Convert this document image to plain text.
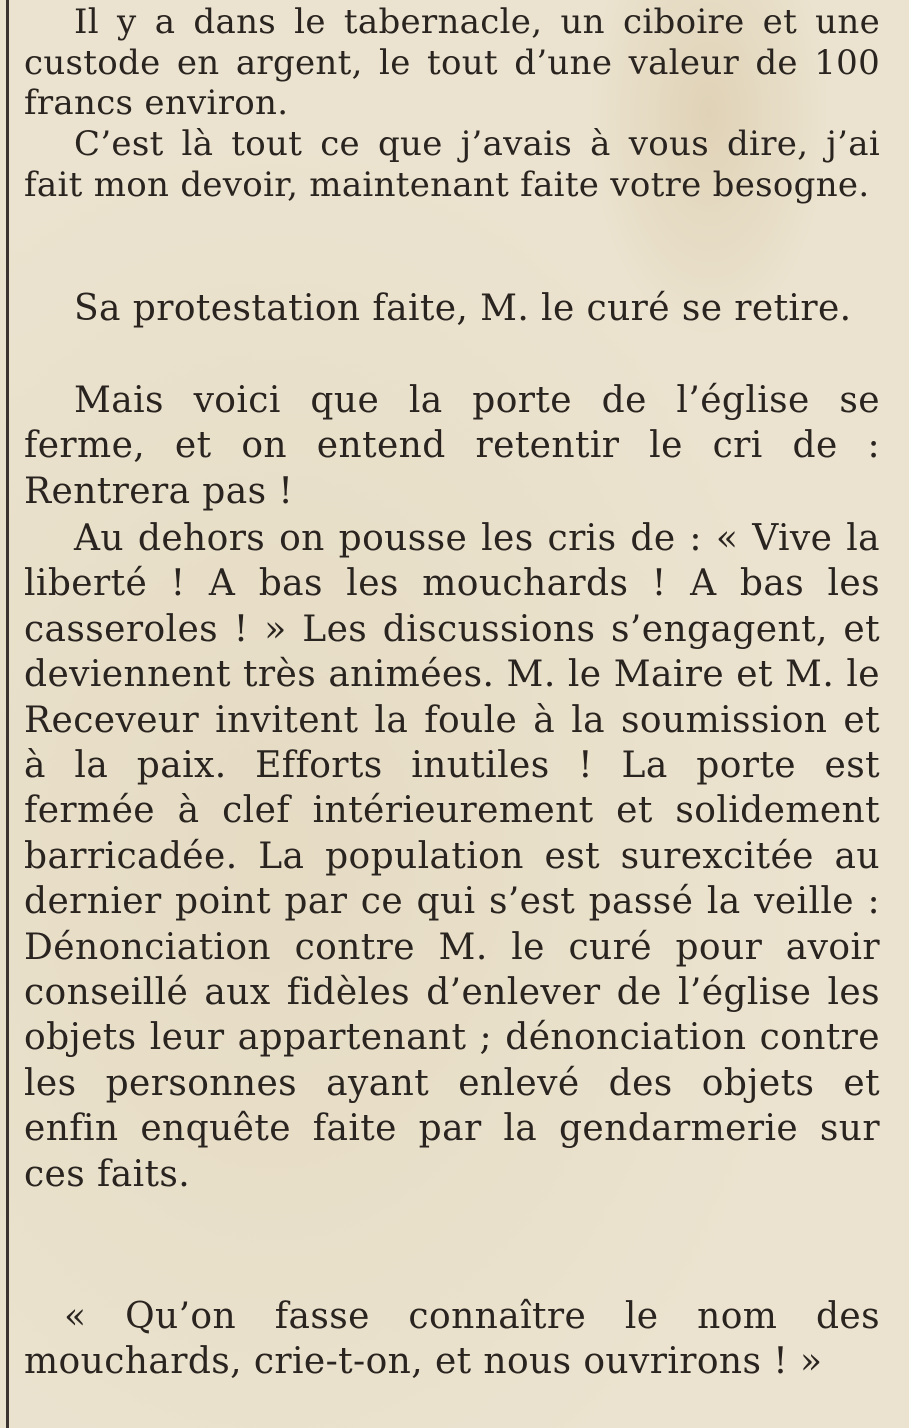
Il y a dans le tabernacle, un ciboire et une custode en argent, le tout d’une valeur de 100 francs environ.

C’est là tout ce que j’avais à vous dire, j’ai fait mon devoir, maintenant faite votre besogne.

Sa protestation faite, M. le curé se retire.

Mais voici que la porte de l’église se ferme, et on entend retentir le cri de : Rentrera pas !

Au dehors on pousse les cris de : « Vive la liberté ! A bas les mouchards ! A bas les casseroles ! » Les discussions s’engagent, et deviennent très animées. M. le Maire et M. le Receveur invitent la foule à la soumission et à la paix. Efforts inutiles ! La porte est fermée à clef intérieurement et solidement barricadée. La population est surexcitée au dernier point par ce qui s’est passé la veille : Dénonciation contre M. le curé pour avoir conseillé aux fidèles d’enlever de l’église les objets leur appartenant ; dénonciation contre les personnes ayant enlevé des objets et enfin enquête faite par la gendarmerie sur ces faits.

« Qu’on fasse connaître le nom des mouchards, crie-t-on, et nous ouvrirons ! »
